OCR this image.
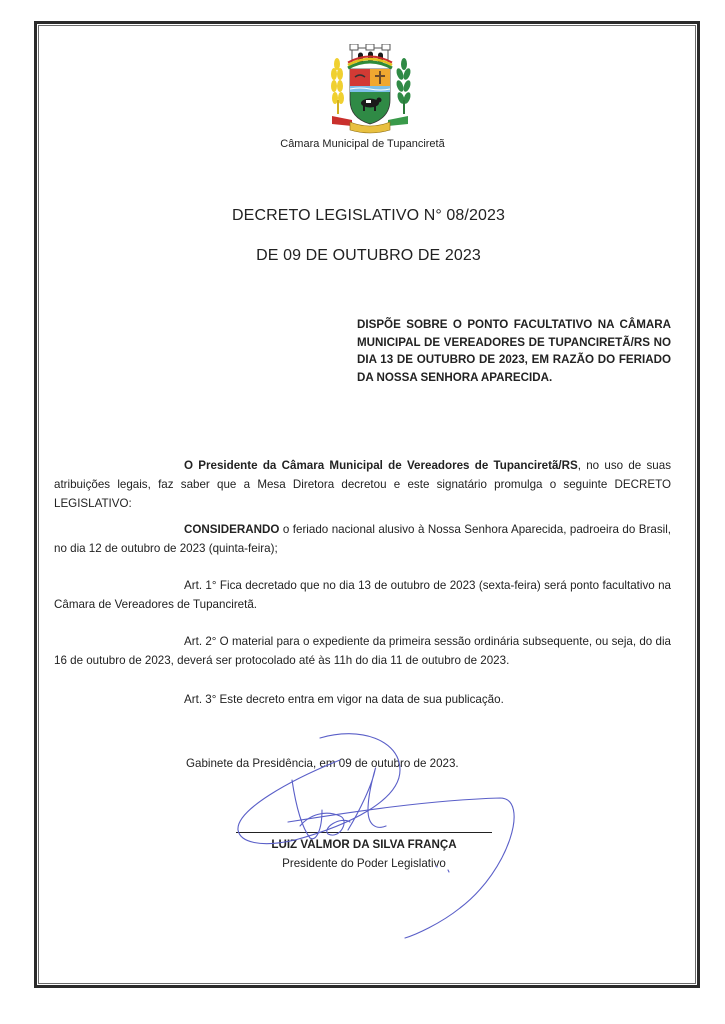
Câmara Municipal de Tupanciretã
DECRETO LEGISLATIVO N° 08/2023
DE 09 DE OUTUBRO DE 2023
DISPÕE SOBRE O PONTO FACULTATIVO NA CÂMARA MUNICIPAL DE VEREADORES DE TUPANCIRETÃ/RS NO DIA 13 DE OUTUBRO DE 2023, EM RAZÃO DO FERIADO DA NOSSA SENHORA APARECIDA.
O Presidente da Câmara Municipal de Vereadores de Tupanciretã/RS, no uso de suas atribuições legais, faz saber que a Mesa Diretora decretou e este signatário promulga o seguinte DECRETO LEGISLATIVO:
CONSIDERANDO o feriado nacional alusivo à Nossa Senhora Aparecida, padroeira do Brasil, no dia 12 de outubro de 2023 (quinta-feira);
Art. 1° Fica decretado que no dia 13 de outubro de 2023 (sexta-feira) será ponto facultativo na Câmara de Vereadores de Tupanciretã.
Art. 2° O material para o expediente da primeira sessão ordinária subsequente, ou seja, do dia 16 de outubro de 2023, deverá ser protocolado até às 11h do dia 11 de outubro de 2023.
Art. 3° Este decreto entra em vigor na data de sua publicação.
Gabinete da Presidência, em 09 de outubro de 2023.
LUIZ VALMOR DA SILVA FRANÇA
Presidente do Poder Legislativo
